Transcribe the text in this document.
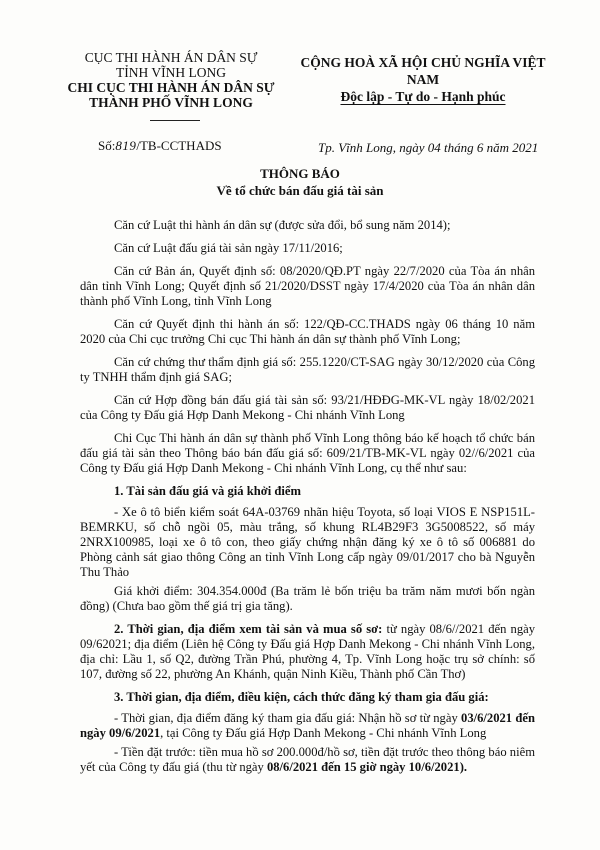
CỤC THI HÀNH ÁN DÂN SỰ
TỈNH VĨNH LONG
CHI CỤC THI HÀNH ÁN DÂN SỰ
THÀNH PHỐ VĨNH LONG
CỘNG HOÀ XÃ HỘI CHỦ NGHĨA VIỆT NAM
Độc lập - Tự do - Hạnh phúc
Số:819/TB-CCTHADS	Tp. Vĩnh Long, ngày 04 tháng 6 năm 2021
THÔNG BÁO
Về tổ chức bán đấu giá tài sản

Căn cứ Luật thi hành án dân sự (được sửa đổi, bổ sung năm 2014);

Căn cứ Luật đấu giá tài sản ngày 17/11/2016;

Căn cứ Bản án, Quyết định số: 08/2020/QĐ.PT ngày 22/7/2020 của Tòa án nhân dân tỉnh Vĩnh Long; Quyết định số 21/2020/DSST ngày 17/4/2020 của Tòa án nhân dân thành phố Vĩnh Long, tỉnh Vĩnh Long

Căn cứ Quyết định thi hành án số: 122/QĐ-CC.THADS ngày 06 tháng 10 năm 2020 của Chi cục trưởng Chi cục Thi hành án dân sự thành phố Vĩnh Long;

Căn cứ chứng thư thẩm định giá số: 255.1220/CT-SAG ngày 30/12/2020 của Công ty TNHH thẩm định giá SAG;

Căn cứ Hợp đồng bán đấu giá tài sản số: 93/21/HĐĐG-MK-VL ngày 18/02/2021 của Công ty Đấu giá Hợp Danh Mekong - Chi nhánh Vĩnh Long

Chi Cục Thi hành án dân sự thành phố Vĩnh Long thông báo kế hoạch tổ chức bán đấu giá tài sản theo Thông báo bán đấu giá số: 609/21/TB-MK-VL ngày 02//6/2021 của Công ty Đấu giá Hợp Danh Mekong - Chi nhánh Vĩnh Long, cụ thể như sau:

1. Tài sản đấu giá và giá khởi điểm

- Xe ô tô biển kiểm soát 64A-03769 nhãn hiệu Toyota, số loại VIOS E NSP151L-BEMRKU, số chỗ ngồi 05, màu trắng, số khung RL4B29F3 3G5008522, số máy 2NRX100985, loại xe ô tô con, theo giấy chứng nhận đăng ký xe ô tô số 006881 do Phòng cảnh sát giao thông Công an tỉnh Vĩnh Long cấp ngày 09/01/2017 cho bà Nguyễn Thu Thảo

Giá khởi điểm: 304.354.000đ (Ba trăm lẻ bốn triệu ba trăm năm mươi bốn ngàn đồng) (Chưa bao gồm thế giá trị gia tăng).

2. Thời gian, địa điểm xem tài sản và mua số sơ: từ ngày 08/6//2021 đến ngày 09/62021; địa điểm (Liên hệ Công ty Đấu giá Hợp Danh Mekong - Chi nhánh Vĩnh Long, địa chỉ: Lầu 1, số Q2, đường Trần Phú, phường 4, Tp. Vĩnh Long hoặc trụ sở chính: số 107, đường số 22, phường An Khánh, quận Ninh Kiều, Thành phố Cần Thơ)

3. Thời gian, địa điểm, điều kiện, cách thức đăng ký tham gia đấu giá:

- Thời gian, địa điểm đăng ký tham gia đấu giá: Nhận hồ sơ từ ngày 03/6/2021 đến ngày 09/6/2021, tại Công ty Đấu giá Hợp Danh Mekong - Chi nhánh Vĩnh Long

- Tiền đặt trước: tiền mua hồ sơ 200.000đ/hồ sơ, tiền đặt trước theo thông báo niêm yết của Công ty đấu giá (thu từ ngày 08/6/2021 đến 15 giờ ngày 10/6/2021).
